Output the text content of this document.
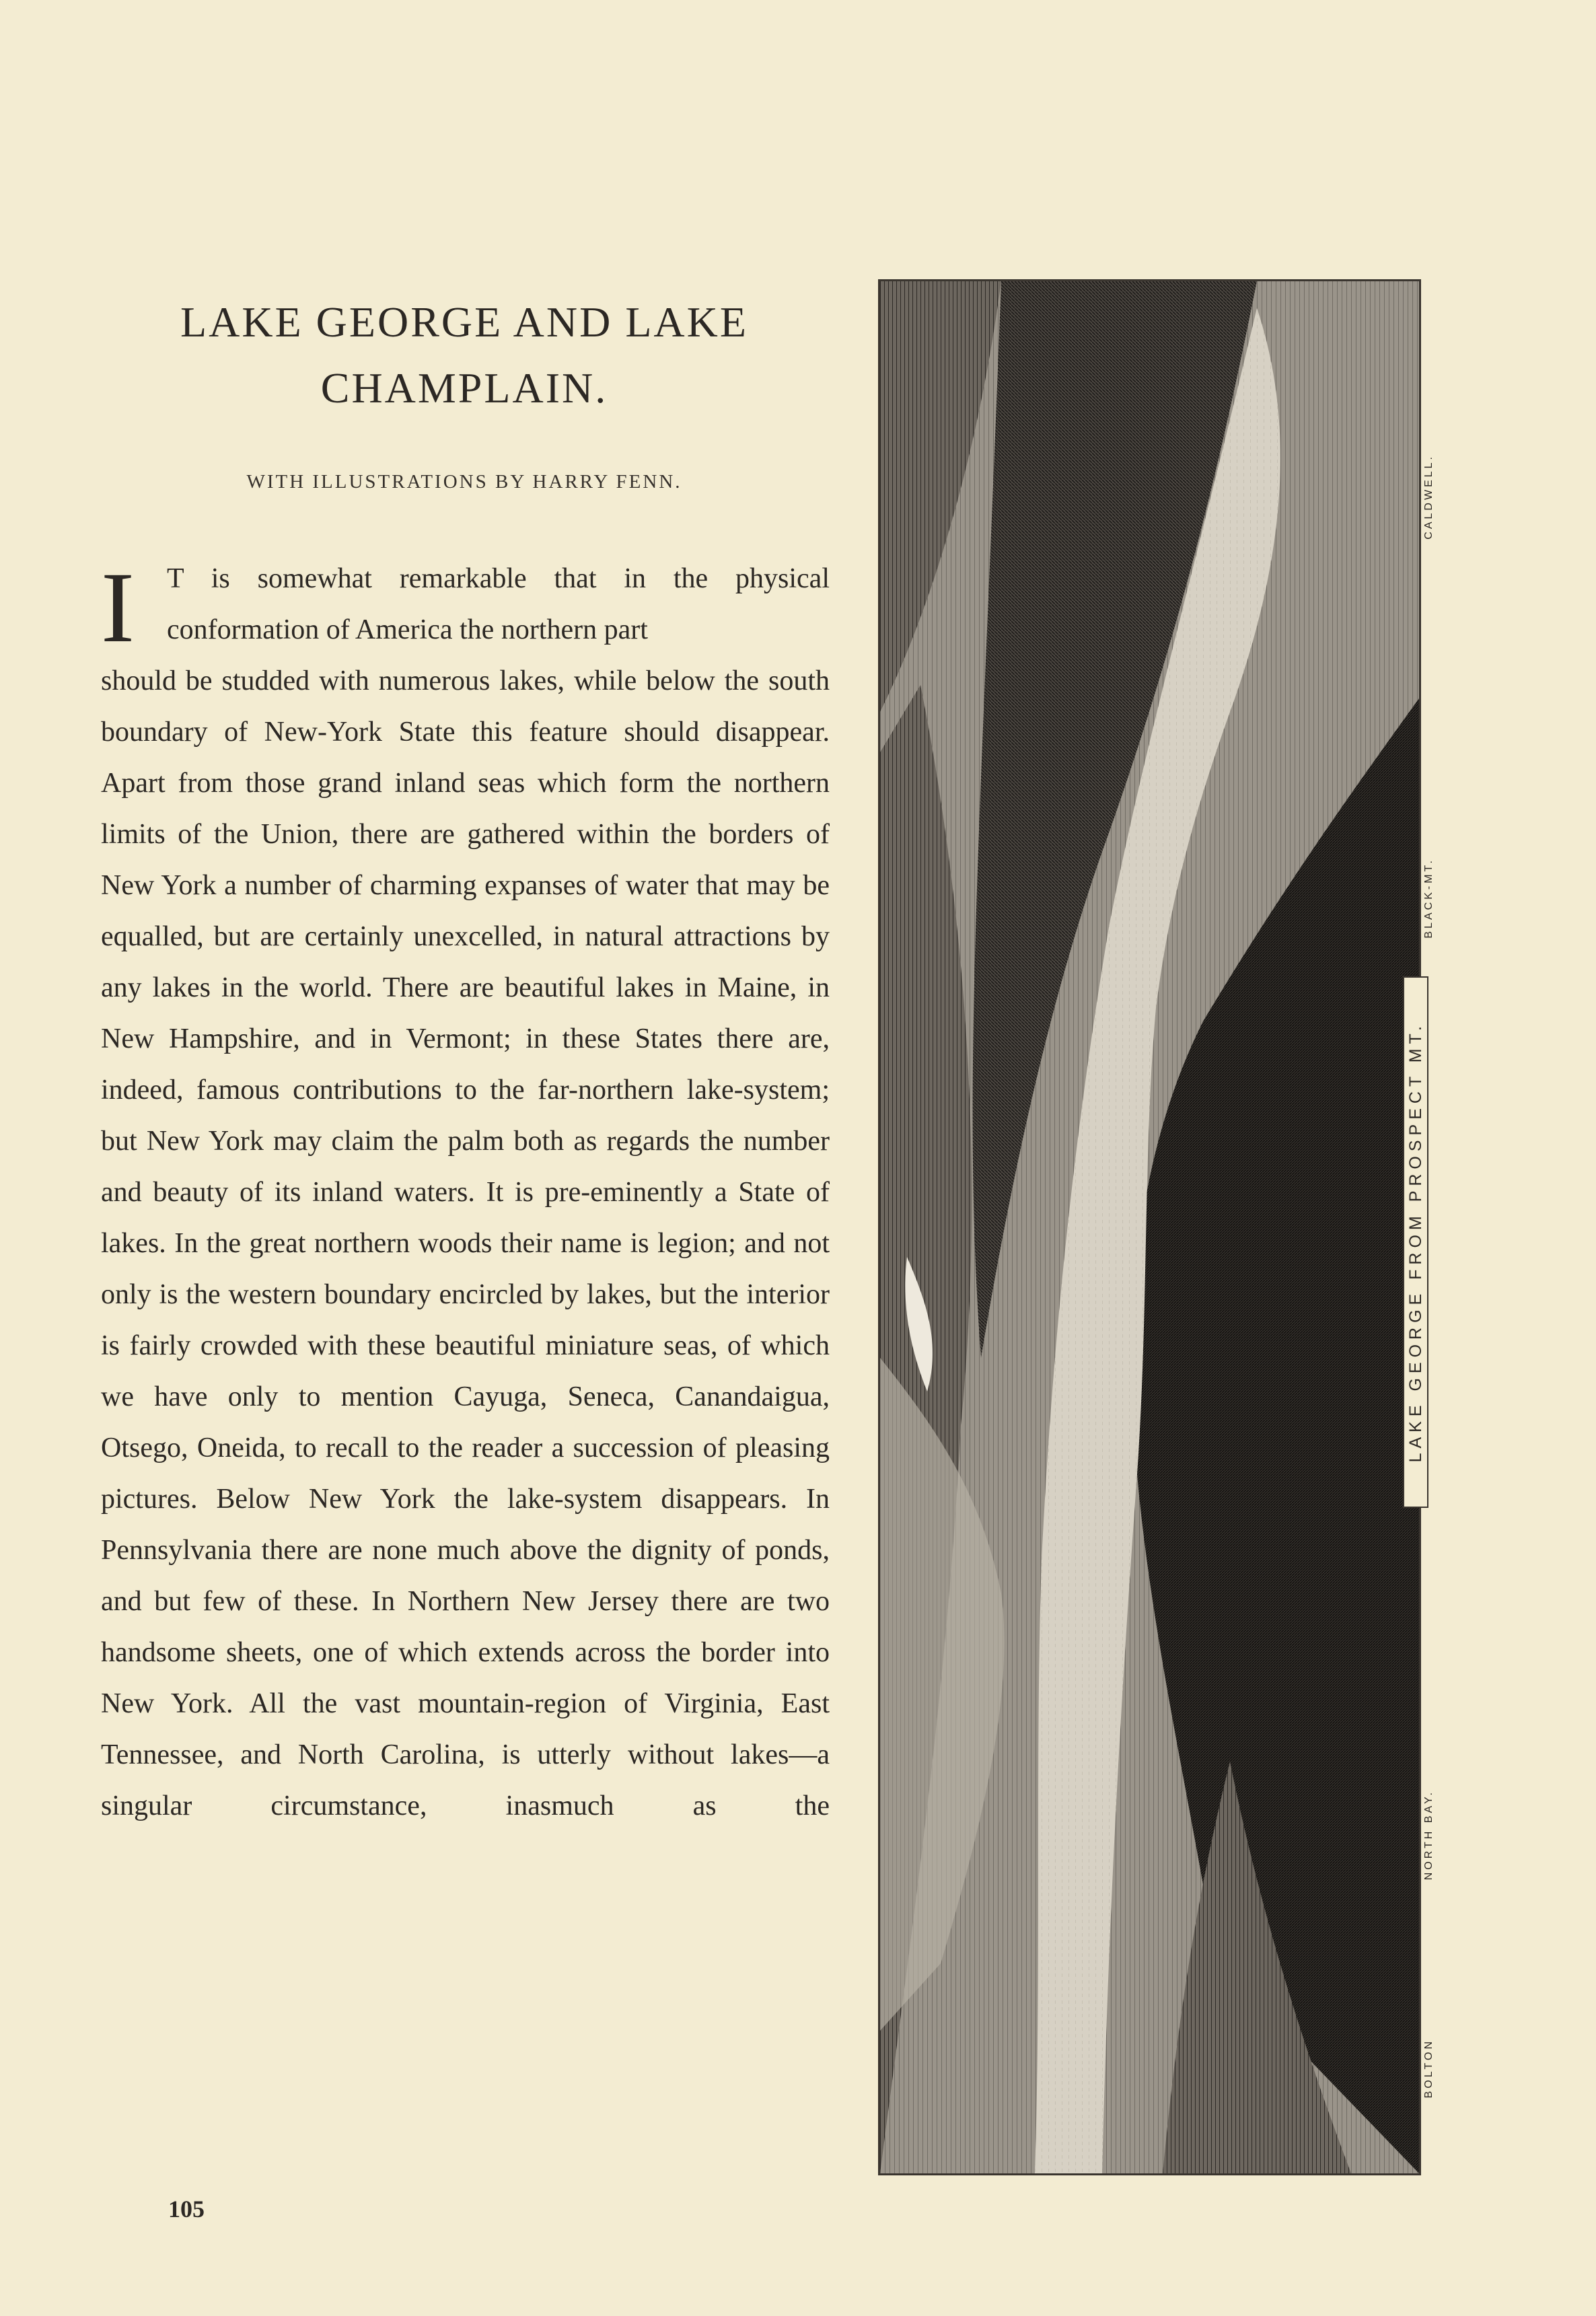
LAKE GEORGE AND LAKE
CHAMPLAIN.
WITH ILLUSTRATIONS BY HARRY FENN.
I	T is somewhat remarkable that in the physical conformation of America the northern part

should be studded with numerous lakes, while below the south boundary of New-York State this feature should disappear. Apart from those grand inland seas which form the northern limits of the Union, there are gathered within the borders of New York a number of charming expanses of water that may be equalled, but are certainly unexcelled, in natural attractions by any lakes in the world. There are beautiful lakes in Maine, in New Hampshire, and in Vermont; in these States there are, indeed, famous contributions to the far-northern lake-system; but New York may claim the palm both as regards the number and beauty of its inland waters. It is pre-eminently a State of lakes. In the great northern woods their name is legion; and not only is the western boundary encircled by lakes, but the interior is fairly crowded with these beautiful miniature seas, of which we have only to mention Cayuga, Seneca, Canandaigua, Otsego, Oneida, to recall to the reader a succession of pleasing pictures. Below New York the lake-system disappears. In Pennsylvania there are none much above the dignity of ponds, and but few of these. In Northern New Jersey there are two handsome sheets, one of which extends across the border into New York. All the vast mountain-region of Virginia, East Tennessee, and North Carolina, is utterly without lakes—a singular circumstance, inasmuch as the

105
CALDWELL.
BLACK-MT.
NORTH BAY.
BOLTON
LAKE GEORGE FROM PROSPECT MT.
